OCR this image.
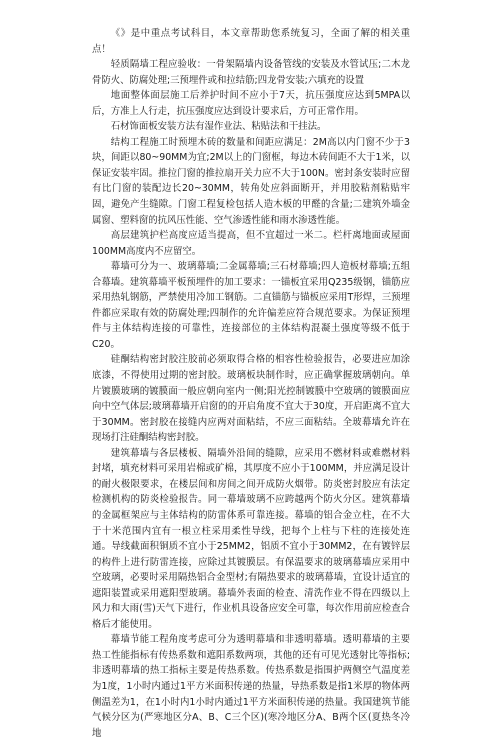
《》是中重点考试科目，本文章帮助您系统复习，全面了解的相关重点！

轻质隔墙工程应验收：一骨架隔墙内设备管线的安装及水管试压;二木龙骨防火、防腐处理;三预埋件或和拉结筋;四龙骨安装;六填充的设置

地面整体面层施工后养护时间不应小于7天，抗压强度应达到5MPA以后，方准上人行走，抗压强度应达到设计要求后，方可正常作用。

石材饰面板安装方法有湿作业法、粘贴法和干挂法。

结构工程施工时预埋木砖的数量和间距应满足：2M高以内门窗不少于3块，间距以80~90MM为宜;2M以上的门窗框，每边木砖间距不大于1米，以保证安装牢固。推拉门窗的推拉扇开关力应不大于100N。密封条安装时应留有比门窗的装配边长20~30MM，转角处应斜面断开，并用胶粘剂粘贴牢固，避免产生缝隙。门窗工程复检包括人造木板的甲醛的含量;二建筑外墙金属窗、塑料窗的抗风压性能、空气渗透性能和雨水渗透性能。

高层建筑护栏高度应适当提高，但不宜超过一米二。栏杆离地面或屋面100MM高度内不应留空。

幕墙可分为一、玻璃幕墙;二金属幕墙;三石材幕墙;四人造板材幕墙;五组合幕墙。建筑幕墙平板预埋件的加工要求：一锚板宜采用Q235级钢，锚筋应采用热轧钢筋，严禁使用冷加工钢筋。二直锚筋与锚板应采用T形焊，三预埋件都应采取有效的防腐处理;四制作的允许偏差应符合规范要求。为保证预埋件与主体结构连接的可靠性，连接部位的主体结构混凝土强度等级不低于C20。

硅酮结构密封胶注胶前必须取得合格的相容性检验报告，必要进应加涂底漆，不得使用过期的密封胶。玻璃板块制作时，应正确掌握玻璃朝向。单片镀膜玻璃的镀膜面一般应朝向室内一侧;阳光控制镀膜中空玻璃的镀膜面应向中空气体层;玻璃幕墙开启窗的的开启角度不宜大于30度，开启距离不宜大于30MM。密封胶在接缝内应两对面粘结，不应三面粘结。全玻幕墙允许在现场打注硅酮结构密封胶。

建筑幕墙与各层楼板、隔墙外沿间的缝隙，应采用不燃材料或难燃材料封堵，填充材料可采用岩棉或矿棉，其厚度不应小于100MM，并应满足设计的耐火极限要求，在楼层间和房间之间开成防火烟带。防炎密封胶应有法定检测机构的防炎检验报告。同一幕墙玻璃不应跨越两个防火分区。建筑幕墙的金属框架应与主体结构的防雷体系可靠连接。幕墙的铝合金立柱，在不大于十米范围内宜有一根立柱采用柔性导线，把每个上柱与下柱的连接处连通。导线截面积铜质不宜小于25MM2，铝质不宜小于30MM2，在有镀锌层的构件上进行防雷连接，应除过其镀膜层。有保温要求的玻璃幕墙应采用中空玻璃，必要时采用隔热铝合金型材;有隔热要求的玻璃幕墙，宜设计适宜的遮阳装置或采用遮阳型玻璃。幕墙外表面的检查、清洗作业不得在四级以上风力和大雨(雪)天气下进行，作业机具设备应安全可靠，每次作用前应检查合格后才能使用。

幕墙节能工程角度考虑可分为透明幕墙和非透明幕墙。透明幕墙的主要热工性能指标有传热系数和遮阳系数两项，其他的还有可见光透射比等指标;非透明幕墙的热工指标主要是传热系数。传热系数是指围护两侧空气温度差为1度，1小时内通过1平方米面积传递的热量，导热系数是指1米厚的物体两侧温差为1，在1小时内1小时内通过1平方米面积传递的热量。我国建筑节能气候分区为(严寒地区分A、B、C三个区)(寒冷地区分A、B两个区(夏热冬冷地
